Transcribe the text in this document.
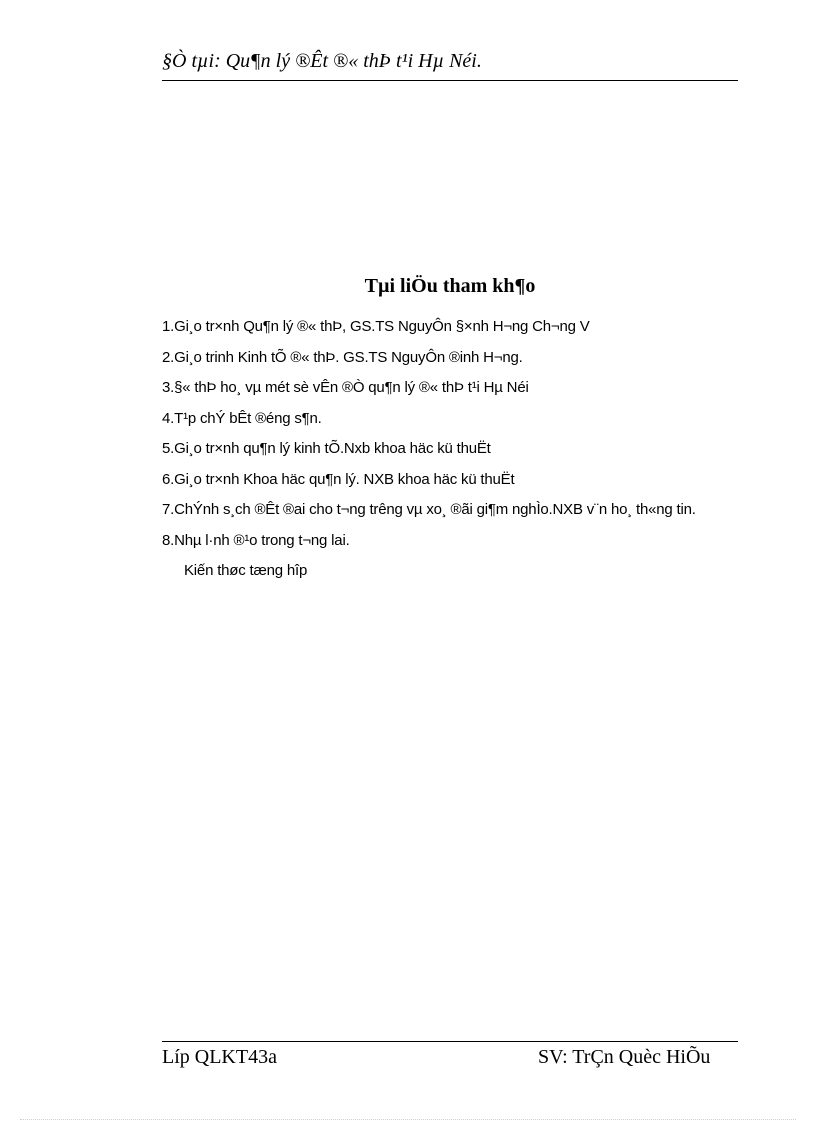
§Ò tµi: Qu¶n lý ®Êt ®« thÞ t¹i Hµ Néi.
Tµi liÖu tham kh¶o

1.Gi¸o tr×nh Qu¶n lý ®« thÞ, GS.TS NguyÔn §×nh H¬ng Ch¬ng V

2.Gi¸o trinh Kinh tÕ ®« thÞ. GS.TS NguyÔn ®inh H¬ng.

3.§« thÞ ho¸ vµ mét sè vÊn ®Ò qu¶n lý ®« thÞ t¹i Hµ Néi

4.T¹p chÝ bÊt ®éng s¶n.

5.Gi¸o tr×nh qu¶n lý kinh tÕ.Nxb khoa häc kü thuËt

6.Gi¸o tr×nh Khoa häc qu¶n lý. NXB khoa häc kü thuËt

7.ChÝnh s¸ch ®Êt ®ai cho t¬ng trêng vµ xo¸ ®ãi gi¶m nghÌo.NXB v¨n ho¸ th«ng tin.

8.Nhµ l·nh ®¹o trong t¬ng lai.

Kiến thøc tæng hîp

Líp QLKT43a	SV: TrÇn Quèc HiÕu
